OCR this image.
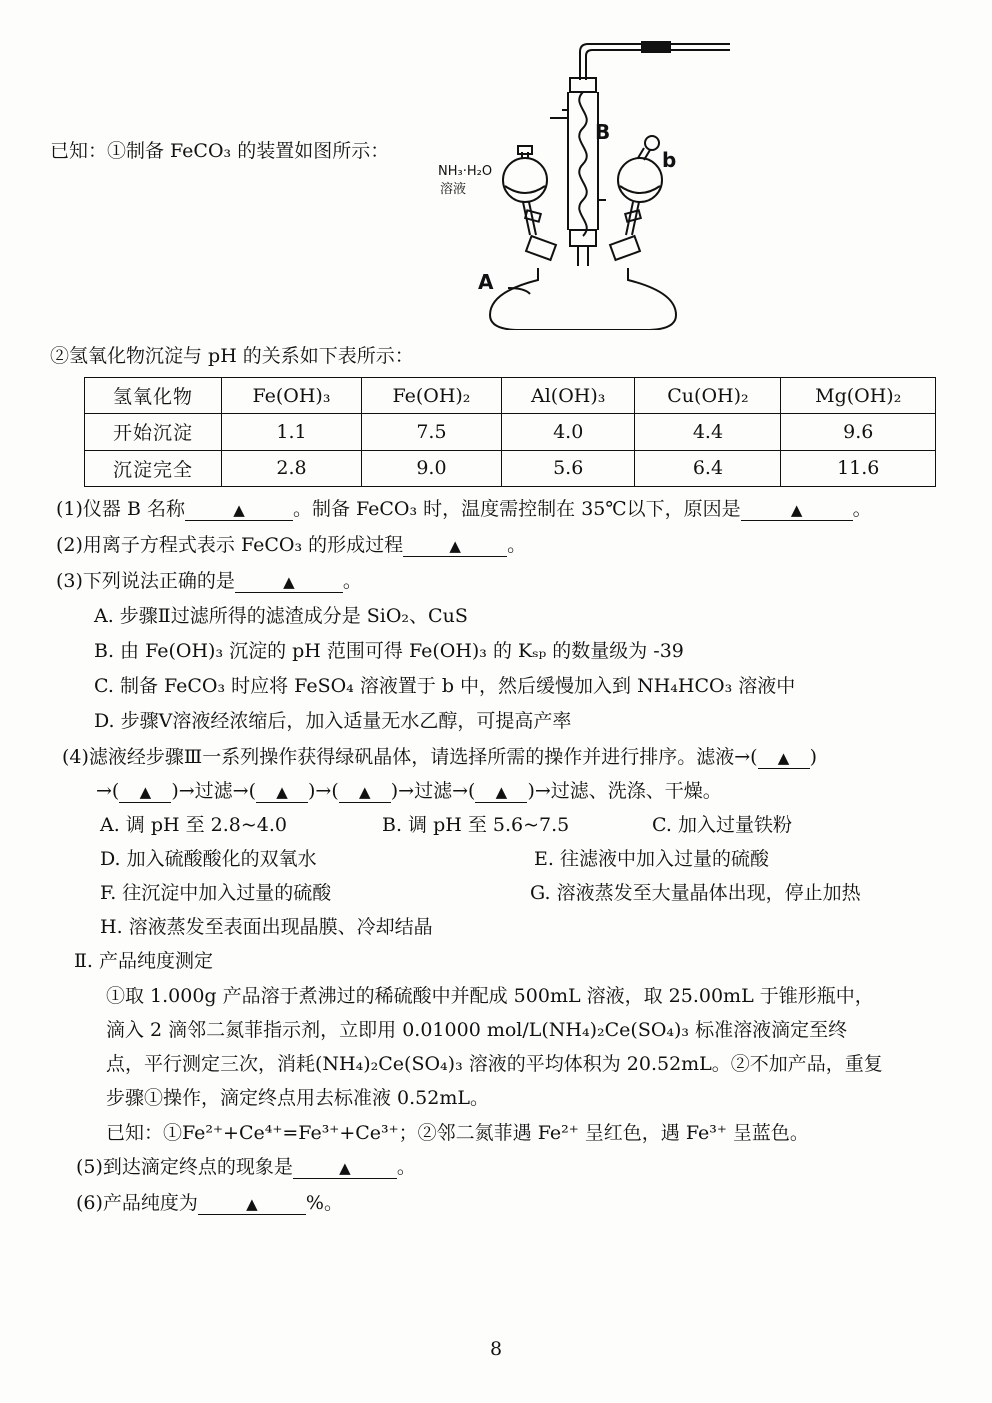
已知：①制备 FeCO₃ 的装置如图所示：
B
b
A
NH₃·H₂O
溶液
②氢氧化物沉淀与 pH 的关系如下表所示：
氢氧化物	Fe(OH)₃	Fe(OH)₂	Al(OH)₃	Cu(OH)₂	Mg(OH)₂
开始沉淀	1.1	7.5	4.0	4.4	9.6
沉淀完全	2.8	9.0	5.6	6.4	11.6
(1)仪器 B 名称	▲	。制备 FeCO₃ 时，温度需控制在 35℃以下，原因是	▲	。
(2)用离子方程式表示 FeCO₃ 的形成过程	▲ 。
(3)下列说法正确的是	▲	。
A. 步骤Ⅱ过滤所得的滤渣成分是 SiO₂、CuS
B. 由 Fe(OH)₃ 沉淀的 pH 范围可得 Fe(OH)₃ 的 Kₛₚ 的数量级为 -39
C. 制备 FeCO₃ 时应将 FeSO₄ 溶液置于 b 中，然后缓慢加入到 NH₄HCO₃ 溶液中
D. 步骤Ⅴ溶液经浓缩后，加入适量无水乙醇，可提高产率
(4)滤液经步骤Ⅲ一系列操作获得绿矾晶体，请选择所需的操作并进行排序。滤液→( ▲ )
→( ▲ )→过滤→( ▲ )→( ▲ )→过滤→( ▲ )→过滤、洗涤、干燥。
A. 调 pH 至 2.8~4.0	B. 调 pH 至 5.6~7.5	C. 加入过量铁粉
D. 加入硫酸酸化的双氧水	E. 往滤液中加入过量的硫酸
F. 往沉淀中加入过量的硫酸	G. 溶液蒸发至大量晶体出现，停止加热
H. 溶液蒸发至表面出现晶膜、冷却结晶
Ⅱ. 产品纯度测定
①取 1.000g 产品溶于煮沸过的稀硫酸中并配成 500mL 溶液，取 25.00mL 于锥形瓶中，
滴入 2 滴邻二氮菲指示剂，立即用 0.01000 mol/L(NH₄)₂Ce(SO₄)₃ 标准溶液滴定至终
点，平行测定三次，消耗(NH₄)₂Ce(SO₄)₃ 溶液的平均体积为 20.52mL。②不加产品，重复
步骤①操作，滴定终点用去标准液 0.52mL。
已知：①Fe²⁺+Ce⁴⁺=Fe³⁺+Ce³⁺；②邻二氮菲遇 Fe²⁺ 呈红色，遇 Fe³⁺ 呈蓝色。
(5)到达滴定终点的现象是	▲ 。
(6)产品纯度为	▲	%。
8
